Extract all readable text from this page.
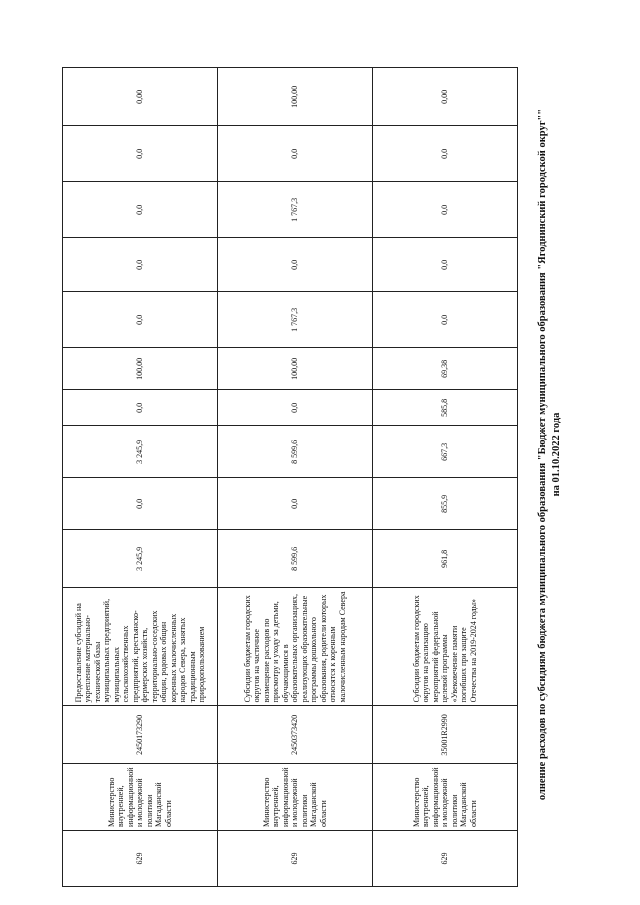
629	Министерство внутренней, информационной и молодежной политики Магаданской области	2450173290	Предоставление субсидий на укрепление материально-технической базы муниципальных предприятий, муниципальных сельскохозяйственных предприятий, крестьянско-фермерских хозяйств, территориально-соседских общин, родовых общин коренных малочисленных народов Севера, занятых традиционным природопользованием	3 245,9	0,0	3 245,9	0,0	100,00	0,0	0,0	0,0	0,0	0,00
629	Министерство внутренней, информационной и молодежной политики Магаданской области	2450373420	Субсидии бюджетам городских округов на частичное возмещение расходов по присмотру и уходу за детьми, обучающимися в образовательных организациях, реализующих образовательные программы дошкольного образования, родители которых относятся к коренным малочисленным народам Севера	8 599,6	0,0	8 599,6	0,0	100,00	1 767,3	0,0	1 767,3	0,0	100,00
629	Министерство внутренней, информационной и молодежной политики Магаданской области	35001R2990	Субсидии бюджетам городских округов на реализацию мероприятий федеральной целевой программы «Увековечение памяти погибших при защите Отечества на 2019-2024 годы»	961,8	855,9	667,3	585,8	69,38	0,0	0,0	0,0	0,0	0,00
олнение расходов по субсидиям бюджета муниципального образования "Бюджет муниципального образования "Ягоднинский городской округ"" на 01.10.2022 года
